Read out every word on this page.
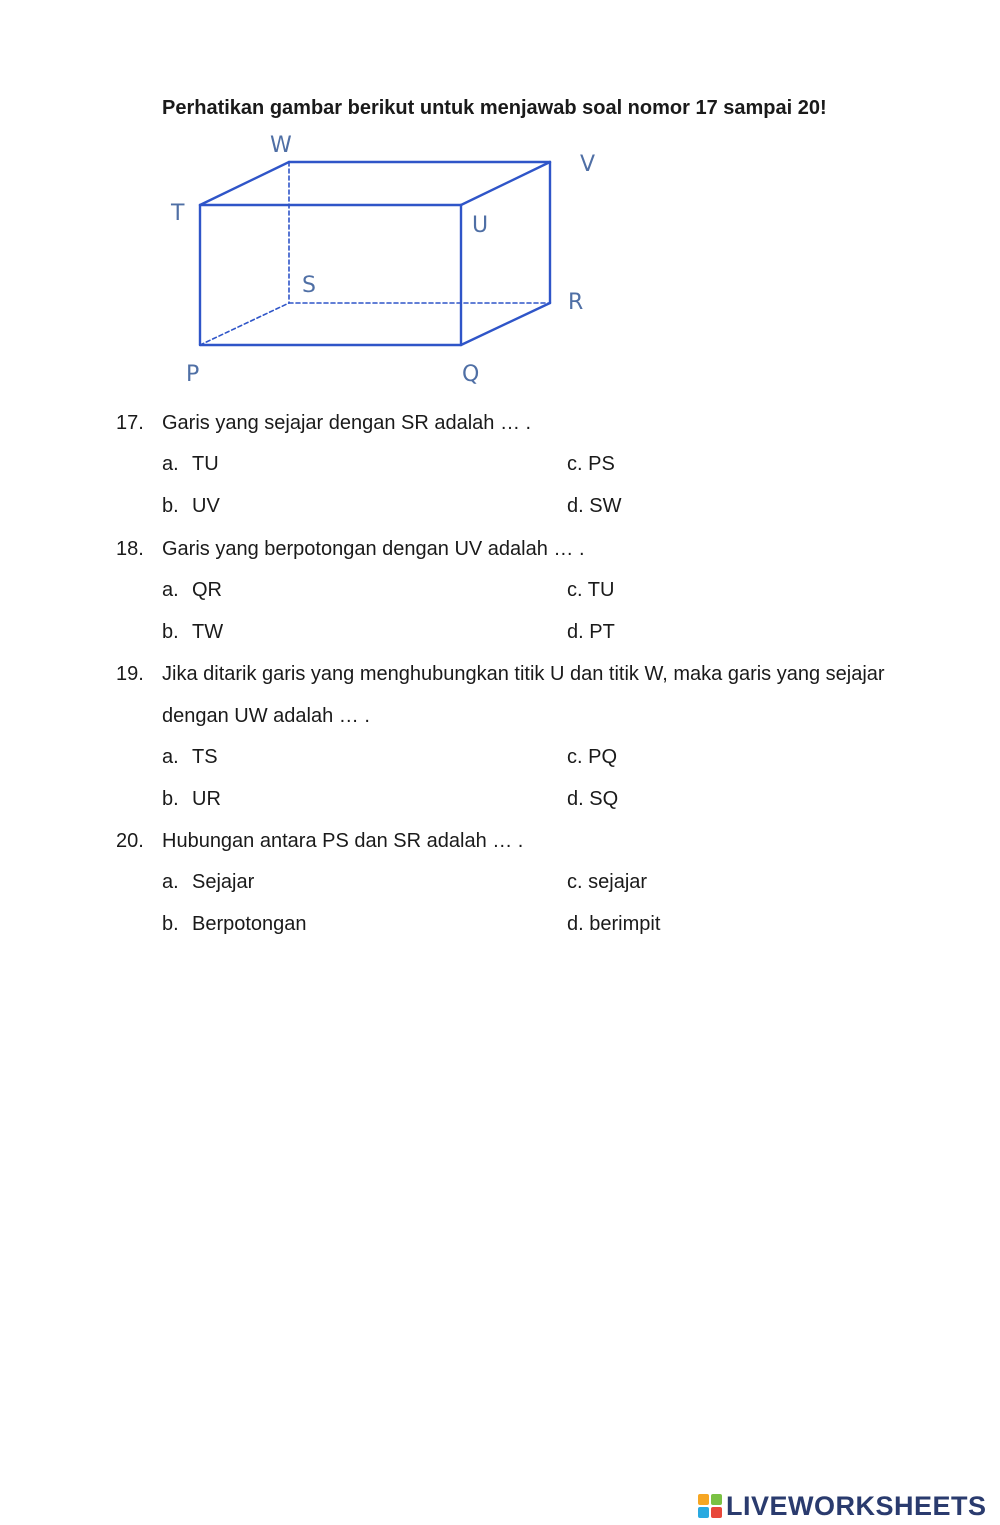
Perhatikan gambar berikut untuk menjawab soal nomor 17 sampai 20!
W
V
T	U
S
R
P	Q
17. Garis yang sejajar dengan SR adalah … .
a. TU	c. PS
b. UV	d. SW
18. Garis yang berpotongan dengan UV adalah … .
a. QR	c. TU
b. TW	d. PT
19. Jika ditarik garis yang menghubungkan titik U dan titik W, maka garis yang sejajar
dengan UW adalah … .
a. TS	c. PQ
b. UR	d. SQ
20. Hubungan antara PS dan SR adalah … .
a. Sejajar	c. sejajar
b. Berpotongan	d. berimpit
LIVEWORKSHEETS
